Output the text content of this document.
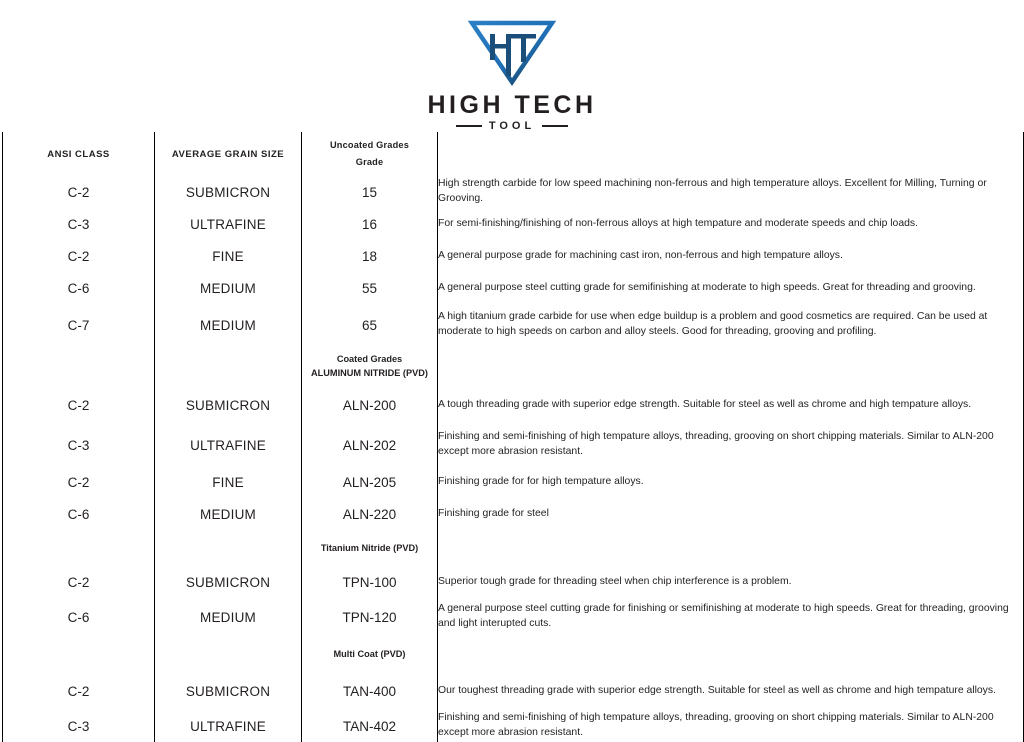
HIGH TECH
TOOL
ANSI CLASS	AVERAGE GRAIN SIZE	Uncoated Grades
Grade	

C-2	SUBMICRON	15	High strength carbide for low speed machining non-ferrous and high temperature alloys. Excellent for Milling, Turning or Grooving.
C-3	ULTRAFINE	16	For semi-finishing/finishing of non-ferrous alloys at high tempature and moderate speeds and chip loads.
C-2	FINE	18	A general purpose grade for machining cast iron, non-ferrous and high tempature alloys.
C-6	MEDIUM	55	A general purpose steel cutting grade for semifinishing at moderate to high speeds. Great for threading and grooving.
C-7	MEDIUM	65	A high titanium grade carbide for use when edge buildup is a problem and good cosmetics are required. Can be used at moderate to high speeds on carbon and alloy steels. Good for threading, grooving and profiling.

		Coated Grades
ALUMINUM NITRIDE (PVD)	

C-2	SUBMICRON	ALN-200	A tough threading grade with superior edge strength. Suitable for steel as well as chrome and high tempature alloys.
C-3	ULTRAFINE	ALN-202	Finishing and semi-finishing of high tempature alloys, threading, grooving on short chipping materials. Similar to ALN-200 except more abrasion resistant.
C-2	FINE	ALN-205	Finishing grade for for high tempature alloys.
C-6	MEDIUM	ALN-220	Finishing grade for steel

		Titanium Nitride (PVD)	

C-2	SUBMICRON	TPN-100	Superior tough grade for threading steel when chip interference is a problem.
C-6	MEDIUM	TPN-120	A general purpose steel cutting grade for finishing or semifinishing at moderate to high speeds. Great for threading, grooving and light interupted cuts.

		Multi Coat (PVD)	

C-2	SUBMICRON	TAN-400	Our toughest threading grade with superior edge strength. Suitable for steel as well as chrome and high tempature alloys.
C-3	ULTRAFINE	TAN-402	Finishing and semi-finishing of high tempature alloys, threading, grooving on short chipping materials. Similar to ALN-200 except more abrasion resistant.
